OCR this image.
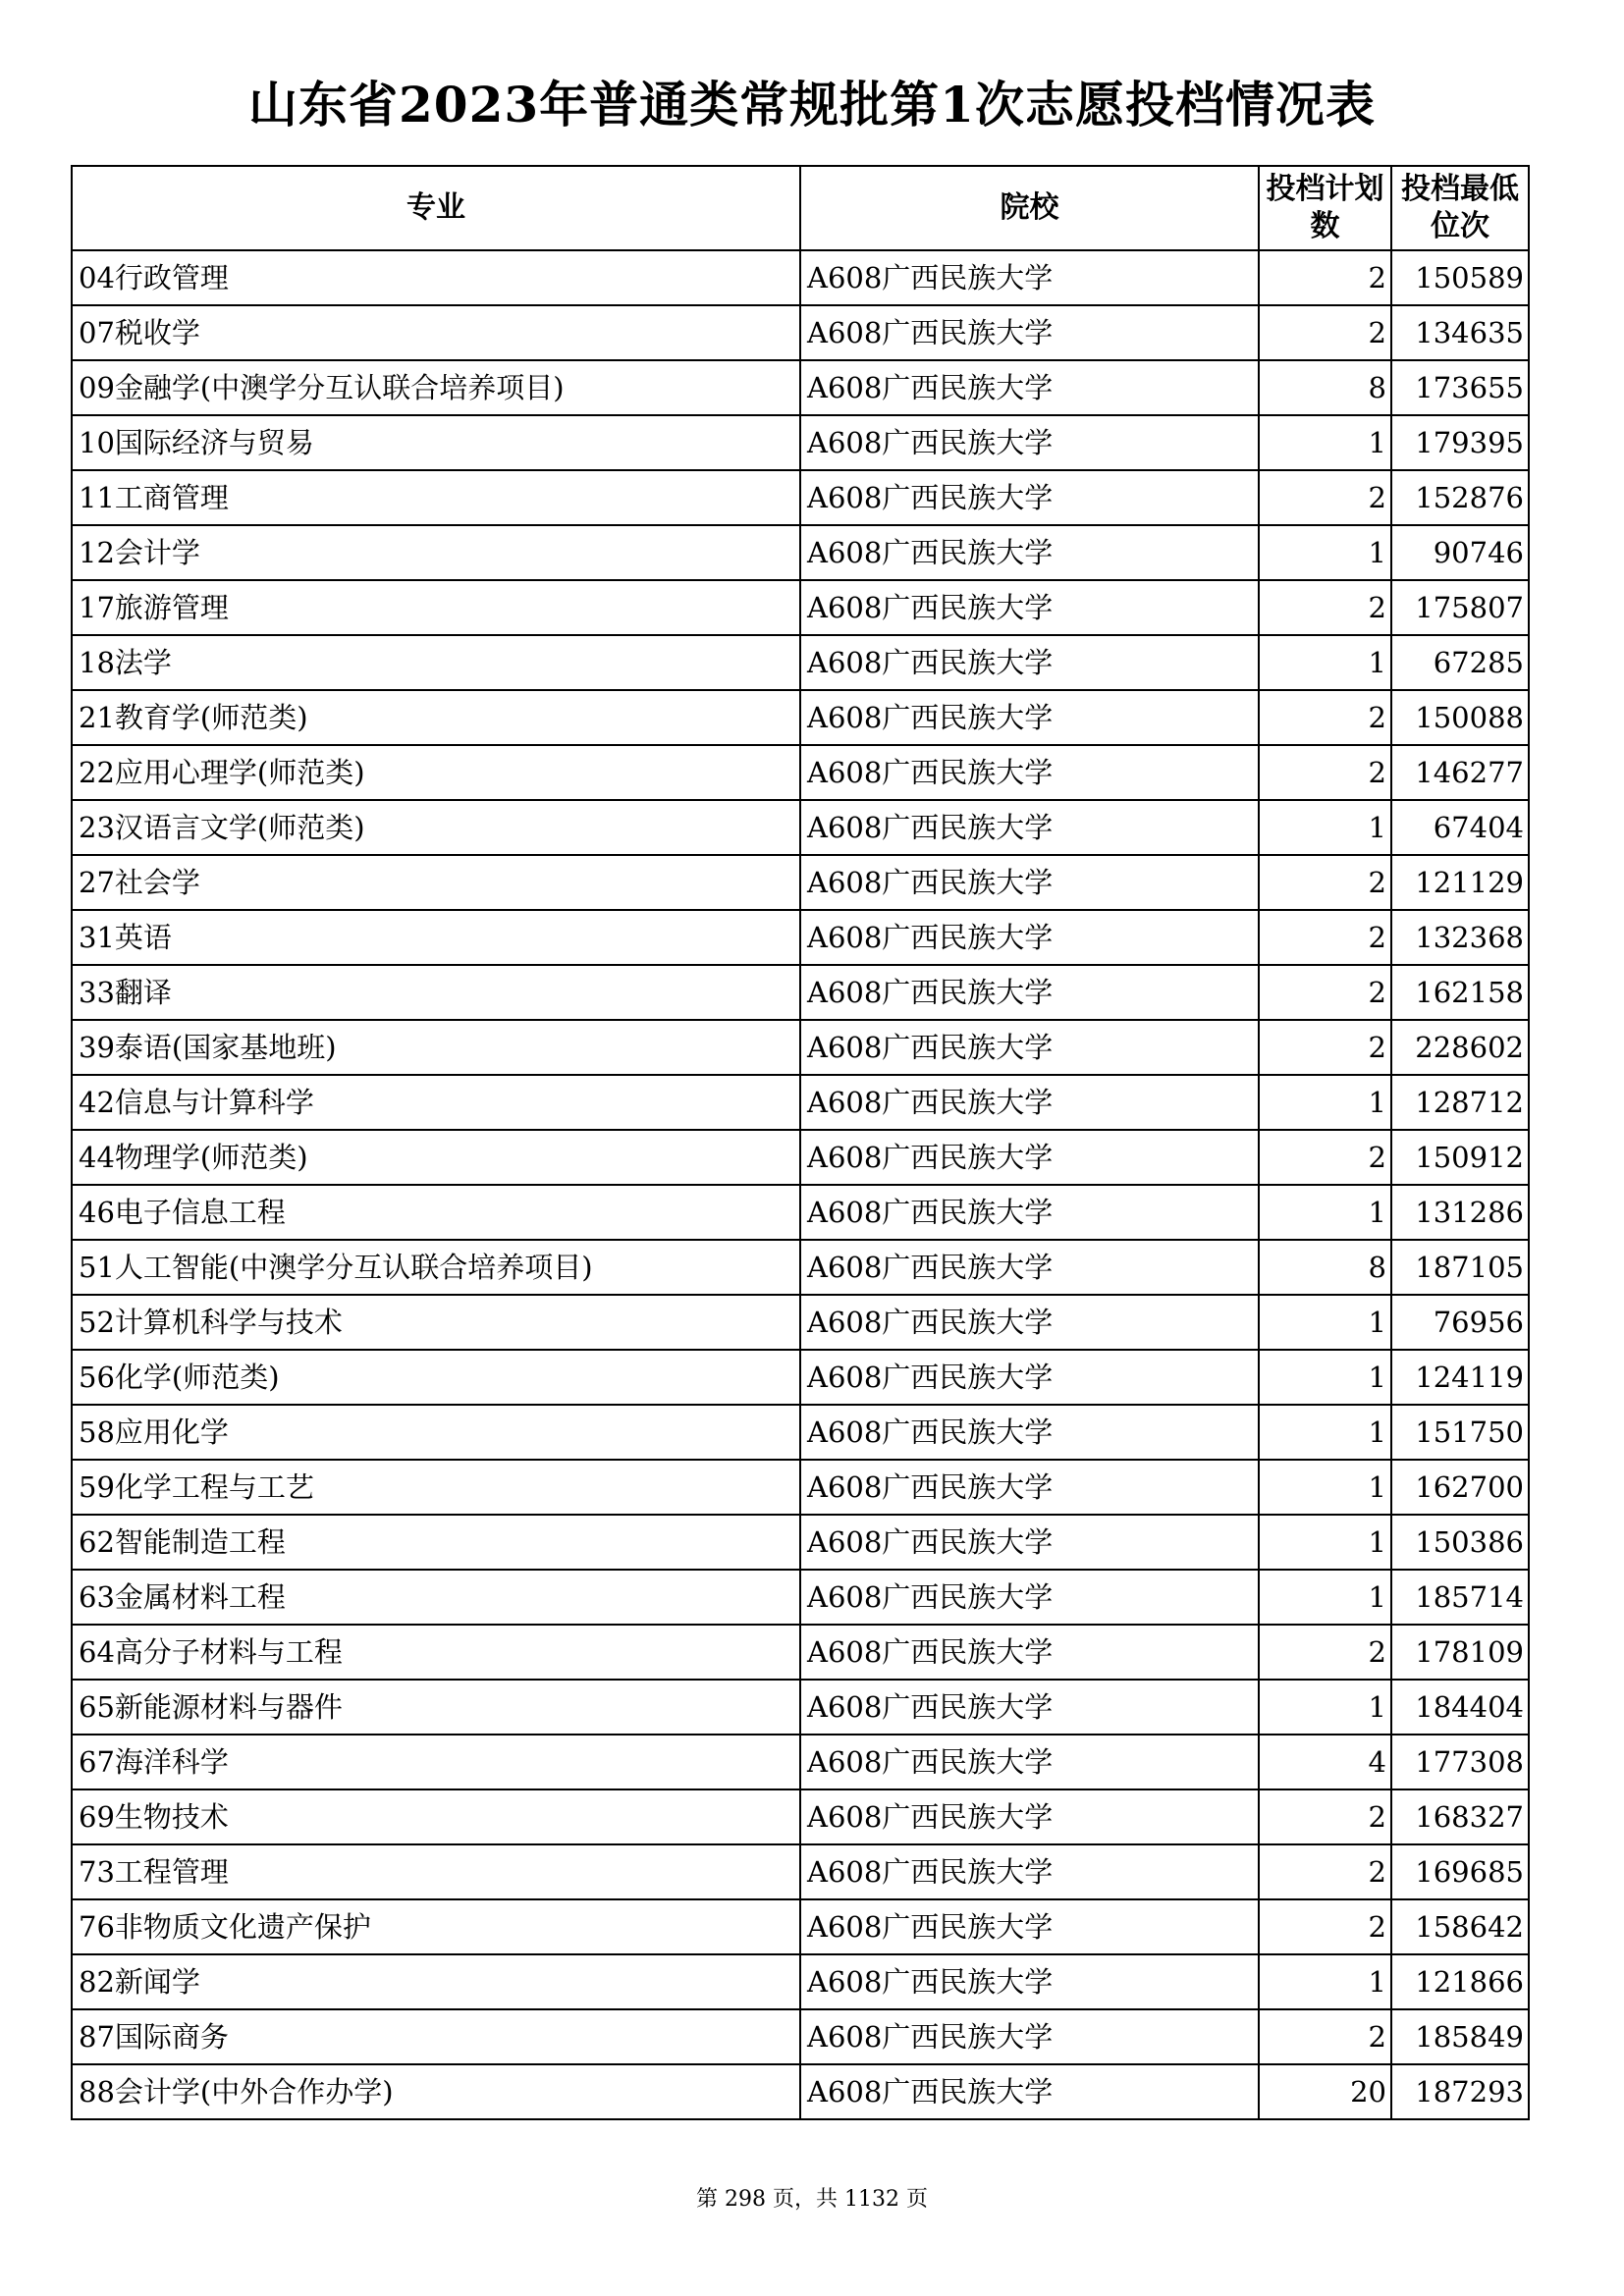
山东省2023年普通类常规批第1次志愿投档情况表
专业	院校	投档计划数	投档最低位次
04行政管理	A608广西民族大学	2	150589
07税收学	A608广西民族大学	2	134635
09金融学(中澳学分互认联合培养项目)	A608广西民族大学	8	173655
10国际经济与贸易	A608广西民族大学	1	179395
11工商管理	A608广西民族大学	2	152876
12会计学	A608广西民族大学	1	90746
17旅游管理	A608广西民族大学	2	175807
18法学	A608广西民族大学	1	67285
21教育学(师范类)	A608广西民族大学	2	150088
22应用心理学(师范类)	A608广西民族大学	2	146277
23汉语言文学(师范类)	A608广西民族大学	1	67404
27社会学	A608广西民族大学	2	121129
31英语	A608广西民族大学	2	132368
33翻译	A608广西民族大学	2	162158
39泰语(国家基地班)	A608广西民族大学	2	228602
42信息与计算科学	A608广西民族大学	1	128712
44物理学(师范类)	A608广西民族大学	2	150912
46电子信息工程	A608广西民族大学	1	131286
51人工智能(中澳学分互认联合培养项目)	A608广西民族大学	8	187105
52计算机科学与技术	A608广西民族大学	1	76956
56化学(师范类)	A608广西民族大学	1	124119
58应用化学	A608广西民族大学	1	151750
59化学工程与工艺	A608广西民族大学	1	162700
62智能制造工程	A608广西民族大学	1	150386
63金属材料工程	A608广西民族大学	1	185714
64高分子材料与工程	A608广西民族大学	2	178109
65新能源材料与器件	A608广西民族大学	1	184404
67海洋科学	A608广西民族大学	4	177308
69生物技术	A608广西民族大学	2	168327
73工程管理	A608广西民族大学	2	169685
76非物质文化遗产保护	A608广西民族大学	2	158642
82新闻学	A608广西民族大学	1	121866
87国际商务	A608广西民族大学	2	185849
88会计学(中外合作办学)	A608广西民族大学	20	187293
第 298 页，共 1132 页
